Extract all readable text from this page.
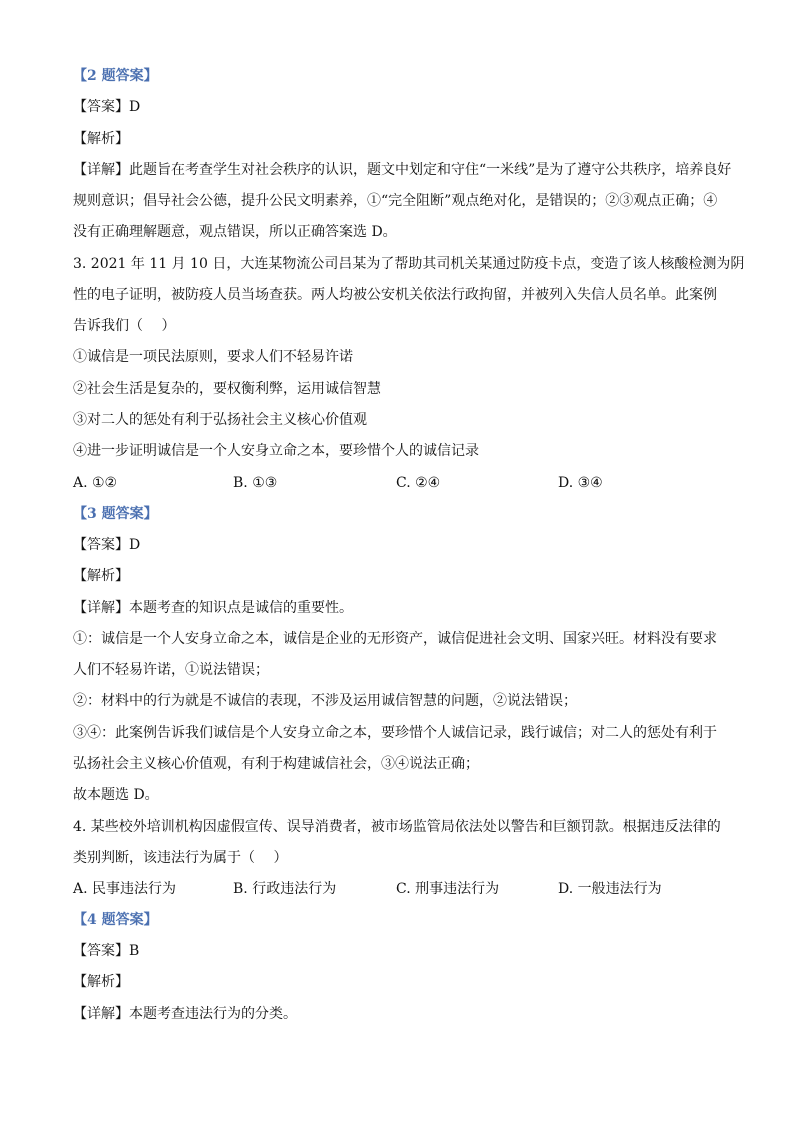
【2 题答案】
【答案】D
【解析】
【详解】此题旨在考查学生对社会秩序的认识，题文中划定和守住“一米线”是为了遵守公共秩序，培养良好
规则意识；倡导社会公德，提升公民文明素养，①“完全阻断”观点绝对化，是错误的；②③观点正确；④
没有正确理解题意，观点错误，所以正确答案选 D。
3. 2021 年 11 月 10 日，大连某物流公司吕某为了帮助其司机关某通过防疫卡点，变造了该人核酸检测为阴
性的电子证明，被防疫人员当场查获。两人均被公安机关依法行政拘留，并被列入失信人员名单。此案例
告诉我们（　 ）
①诚信是一项民法原则，要求人们不轻易许诺
②社会生活是复杂的，要权衡利弊，运用诚信智慧
③对二人的惩处有利于弘扬社会主义核心价值观
④进一步证明诚信是一个人安身立命之本，要珍惜个人的诚信记录
A. ①②	B. ①③	C. ②④	D. ③④
【3 题答案】
【答案】D
【解析】
【详解】本题考查的知识点是诚信的重要性。
①：诚信是一个人安身立命之本，诚信是企业的无形资产，诚信促进社会文明、国家兴旺。材料没有要求
人们不轻易许诺，①说法错误；
②：材料中的行为就是不诚信的表现，不涉及运用诚信智慧的问题，②说法错误；
③④：此案例告诉我们诚信是个人安身立命之本，要珍惜个人诚信记录，践行诚信；对二人的惩处有利于
弘扬社会主义核心价值观，有利于构建诚信社会，③④说法正确；
故本题选 D。
4. 某些校外培训机构因虚假宣传、误导消费者，被市场监管局依法处以警告和巨额罚款。根据违反法律的
类别判断，该违法行为属于（　 ）
A. 民事违法行为	B. 行政违法行为	C. 刑事违法行为	D. 一般违法行为
【4 题答案】
【答案】B
【解析】
【详解】本题考查违法行为的分类。
